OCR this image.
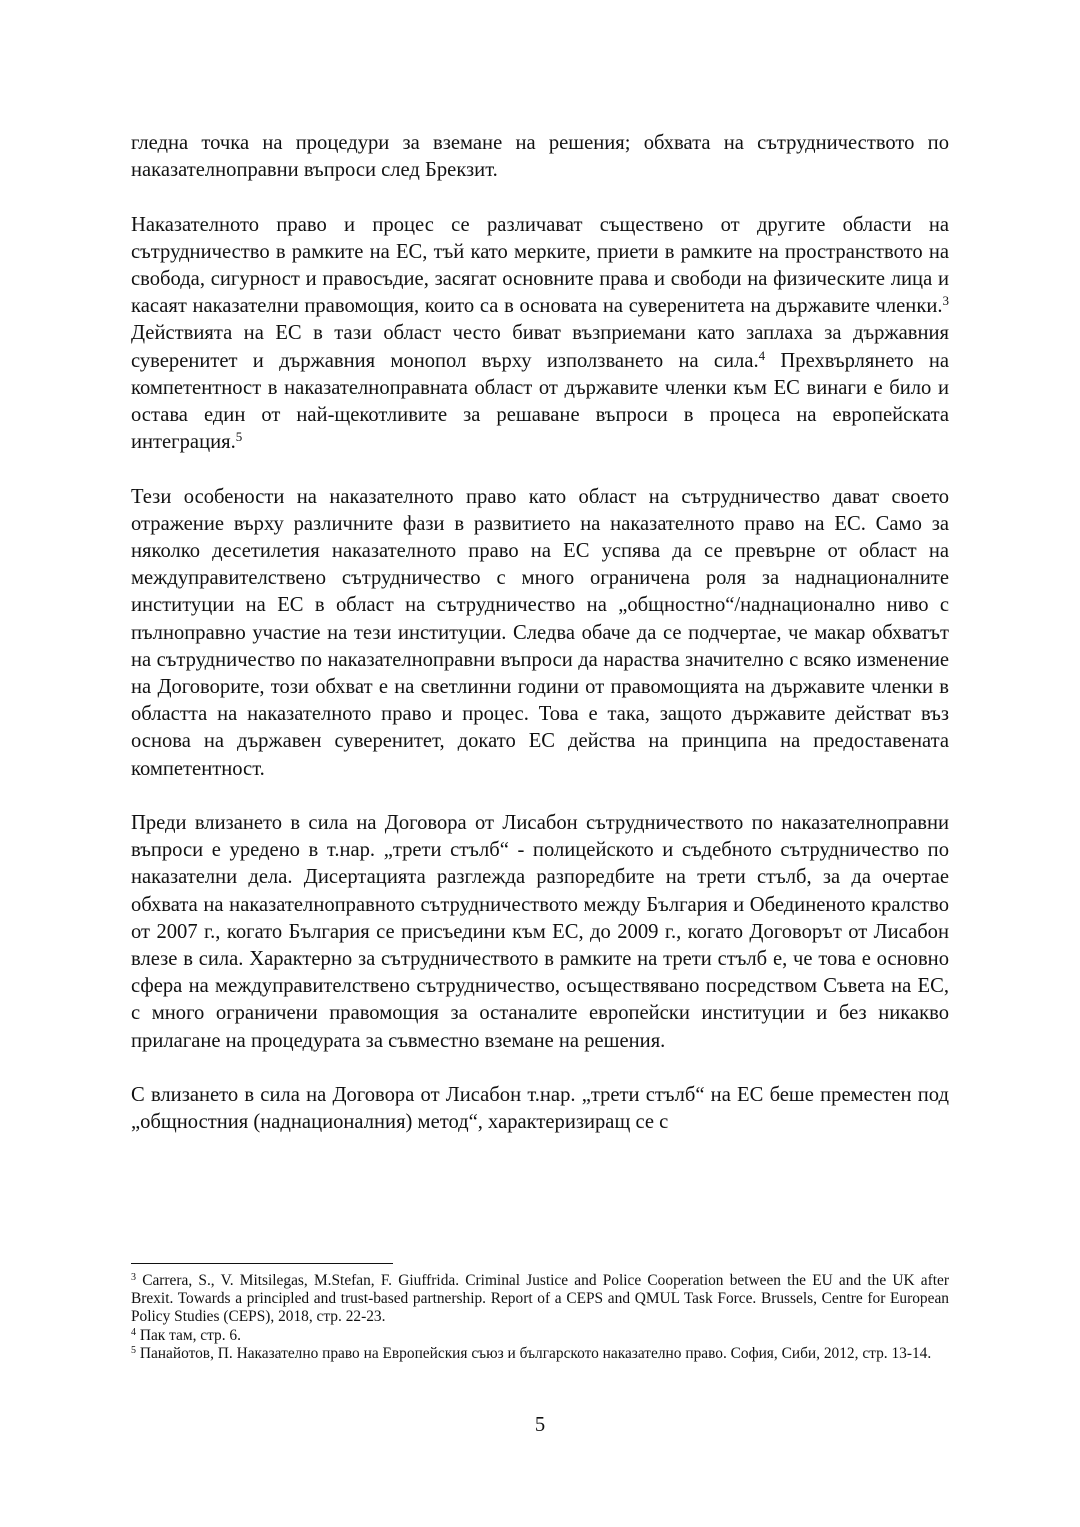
гледна точка на процедури за вземане на решения; обхвата на сътрудничеството по наказателноправни въпроси след Брекзит.

Наказателното право и процес се различават съществено от другите области на сътрудничество в рамките на ЕС, тъй като мерките, приети в рамките на пространството на свобода, сигурност и правосъдие, засягат основните права и свободи на физическите лица и касаят наказателни правомощия, които са в основата на суверенитета на държавите членки.$^3$ Действията на ЕС в тази област често биват възприемани като заплаха за държавния суверенитет и държавния монопол върху използването на сила.$^4$ Прехвърлянето на компетентност в наказателноправната област от държавите членки към ЕС винаги е било и остава един от най-щекотливите за решаване въпроси в процеса на европейската интеграция.$^5$

Тези особености на наказателното право като област на сътрудничество дават своето отражение върху различните фази в развитието на наказателното право на ЕС. Само за няколко десетилетия наказателното право на ЕС успява да се превърне от област на междуправителствено сътрудничество с много ограничена роля за наднационалните институции на ЕС в област на сътрудничество на „общностно“/наднационално ниво с пълноправно участие на тези институции. Следва обаче да се подчертае, че макар обхватът на сътрудничество по наказателноправни въпроси да нараства значително с всяко изменение на Договорите, този обхват е на светлинни години от правомощията на държавите членки в областта на наказателното право и процес. Това е така, защото държавите действат въз основа на държавен суверенитет, докато ЕС действа на принципа на предоставената компетентност.

Преди влизането в сила на Договора от Лисабон сътрудничеството по наказателноправни въпроси е уредено в т.нар. „трети стълб“ - полицейското и съдебното сътрудничество по наказателни дела. Дисертацията разглежда разпоредбите на трети стълб, за да очертае обхвата на наказателноправното сътрудничеството между България и Обединеното кралство от 2007 г., когато България се присъедини към ЕС, до 2009 г., когато Договорът от Лисабон влезе в сила. Характерно за сътрудничеството в рамките на трети стълб е, че това е основно сфера на междуправителствено сътрудничество, осъществявано посредством Съвета на ЕС, с много ограничени правомощия за останалите европейски институции и без никакво прилагане на процедурата за съвместно вземане на решения.

С влизането в сила на Договора от Лисабон т.нар. „трети стълб“ на ЕС беше преместен под „общностния (наднационалния) метод“, характеризиращ се с

$^3$ Carrera, S., V. Mitsilegas, M.Stefan, F. Giuffrida. Criminal Justice and Police Cooperation between the EU and the UK after Brexit. Towards a principled and trust-based partnership. Report of a CEPS and QMUL Task Force. Brussels, Centre for European Policy Studies (CEPS), 2018, стр. 22-23.

$^4$ Пак там, стр. 6.

$^5$ Панайотов, П. Наказателно право на Европейския съюз и българското наказателно право. София, Сиби, 2012, стр. 13-14.

5
